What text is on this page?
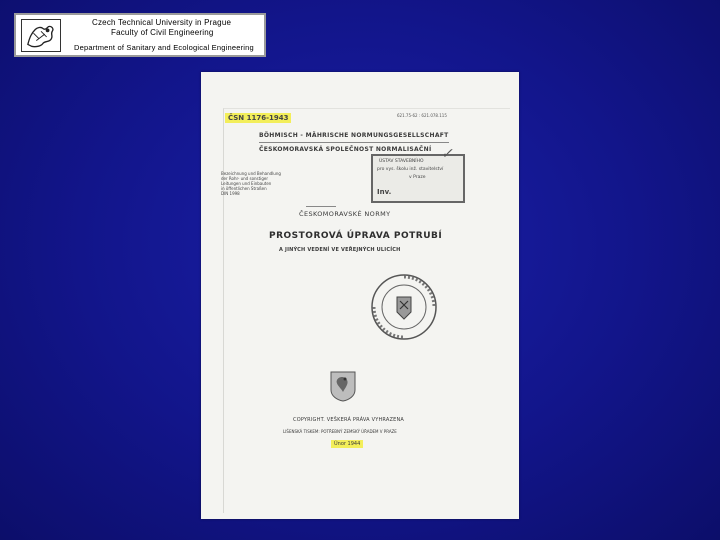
Czech Technical University in Prague
Faculty of Civil Engineering
Department of Sanitary and Ecological Engineering
ČSN 1176-1943	621.75-62 : 621.078.115
BÖHMISCH - MÄHRISCHE NORMUNGSGESELLSCHAFT
ČESKOMORAVSKÁ SPOLEČNOST NORMALISAČNÍ
Bezeichnung und Behandlung
der Rohr- und sonstiger
Leitungen und Einbauten
in öffentlichen Straßen
DIN 1998
ÚSTAV STAVEBNÍHO
pro vys. školu inž. stavitelství
v Praze
Inv.
✓
ČESKOMORAVSKÉ NORMY
PROSTOROVÁ ÚPRAVA POTRUBÍ
A JINÝCH VEDENÍ VE VEŘEJNÝCH ULICÍCH
COPYRIGHT. VEŠKERÁ PRÁVA VYHRAZENA
LIŠENSKÁ TISKEM: POTŘEBNÝ ZEMSKÝ ÚŘADEM V PRAZE
Únor 1944
